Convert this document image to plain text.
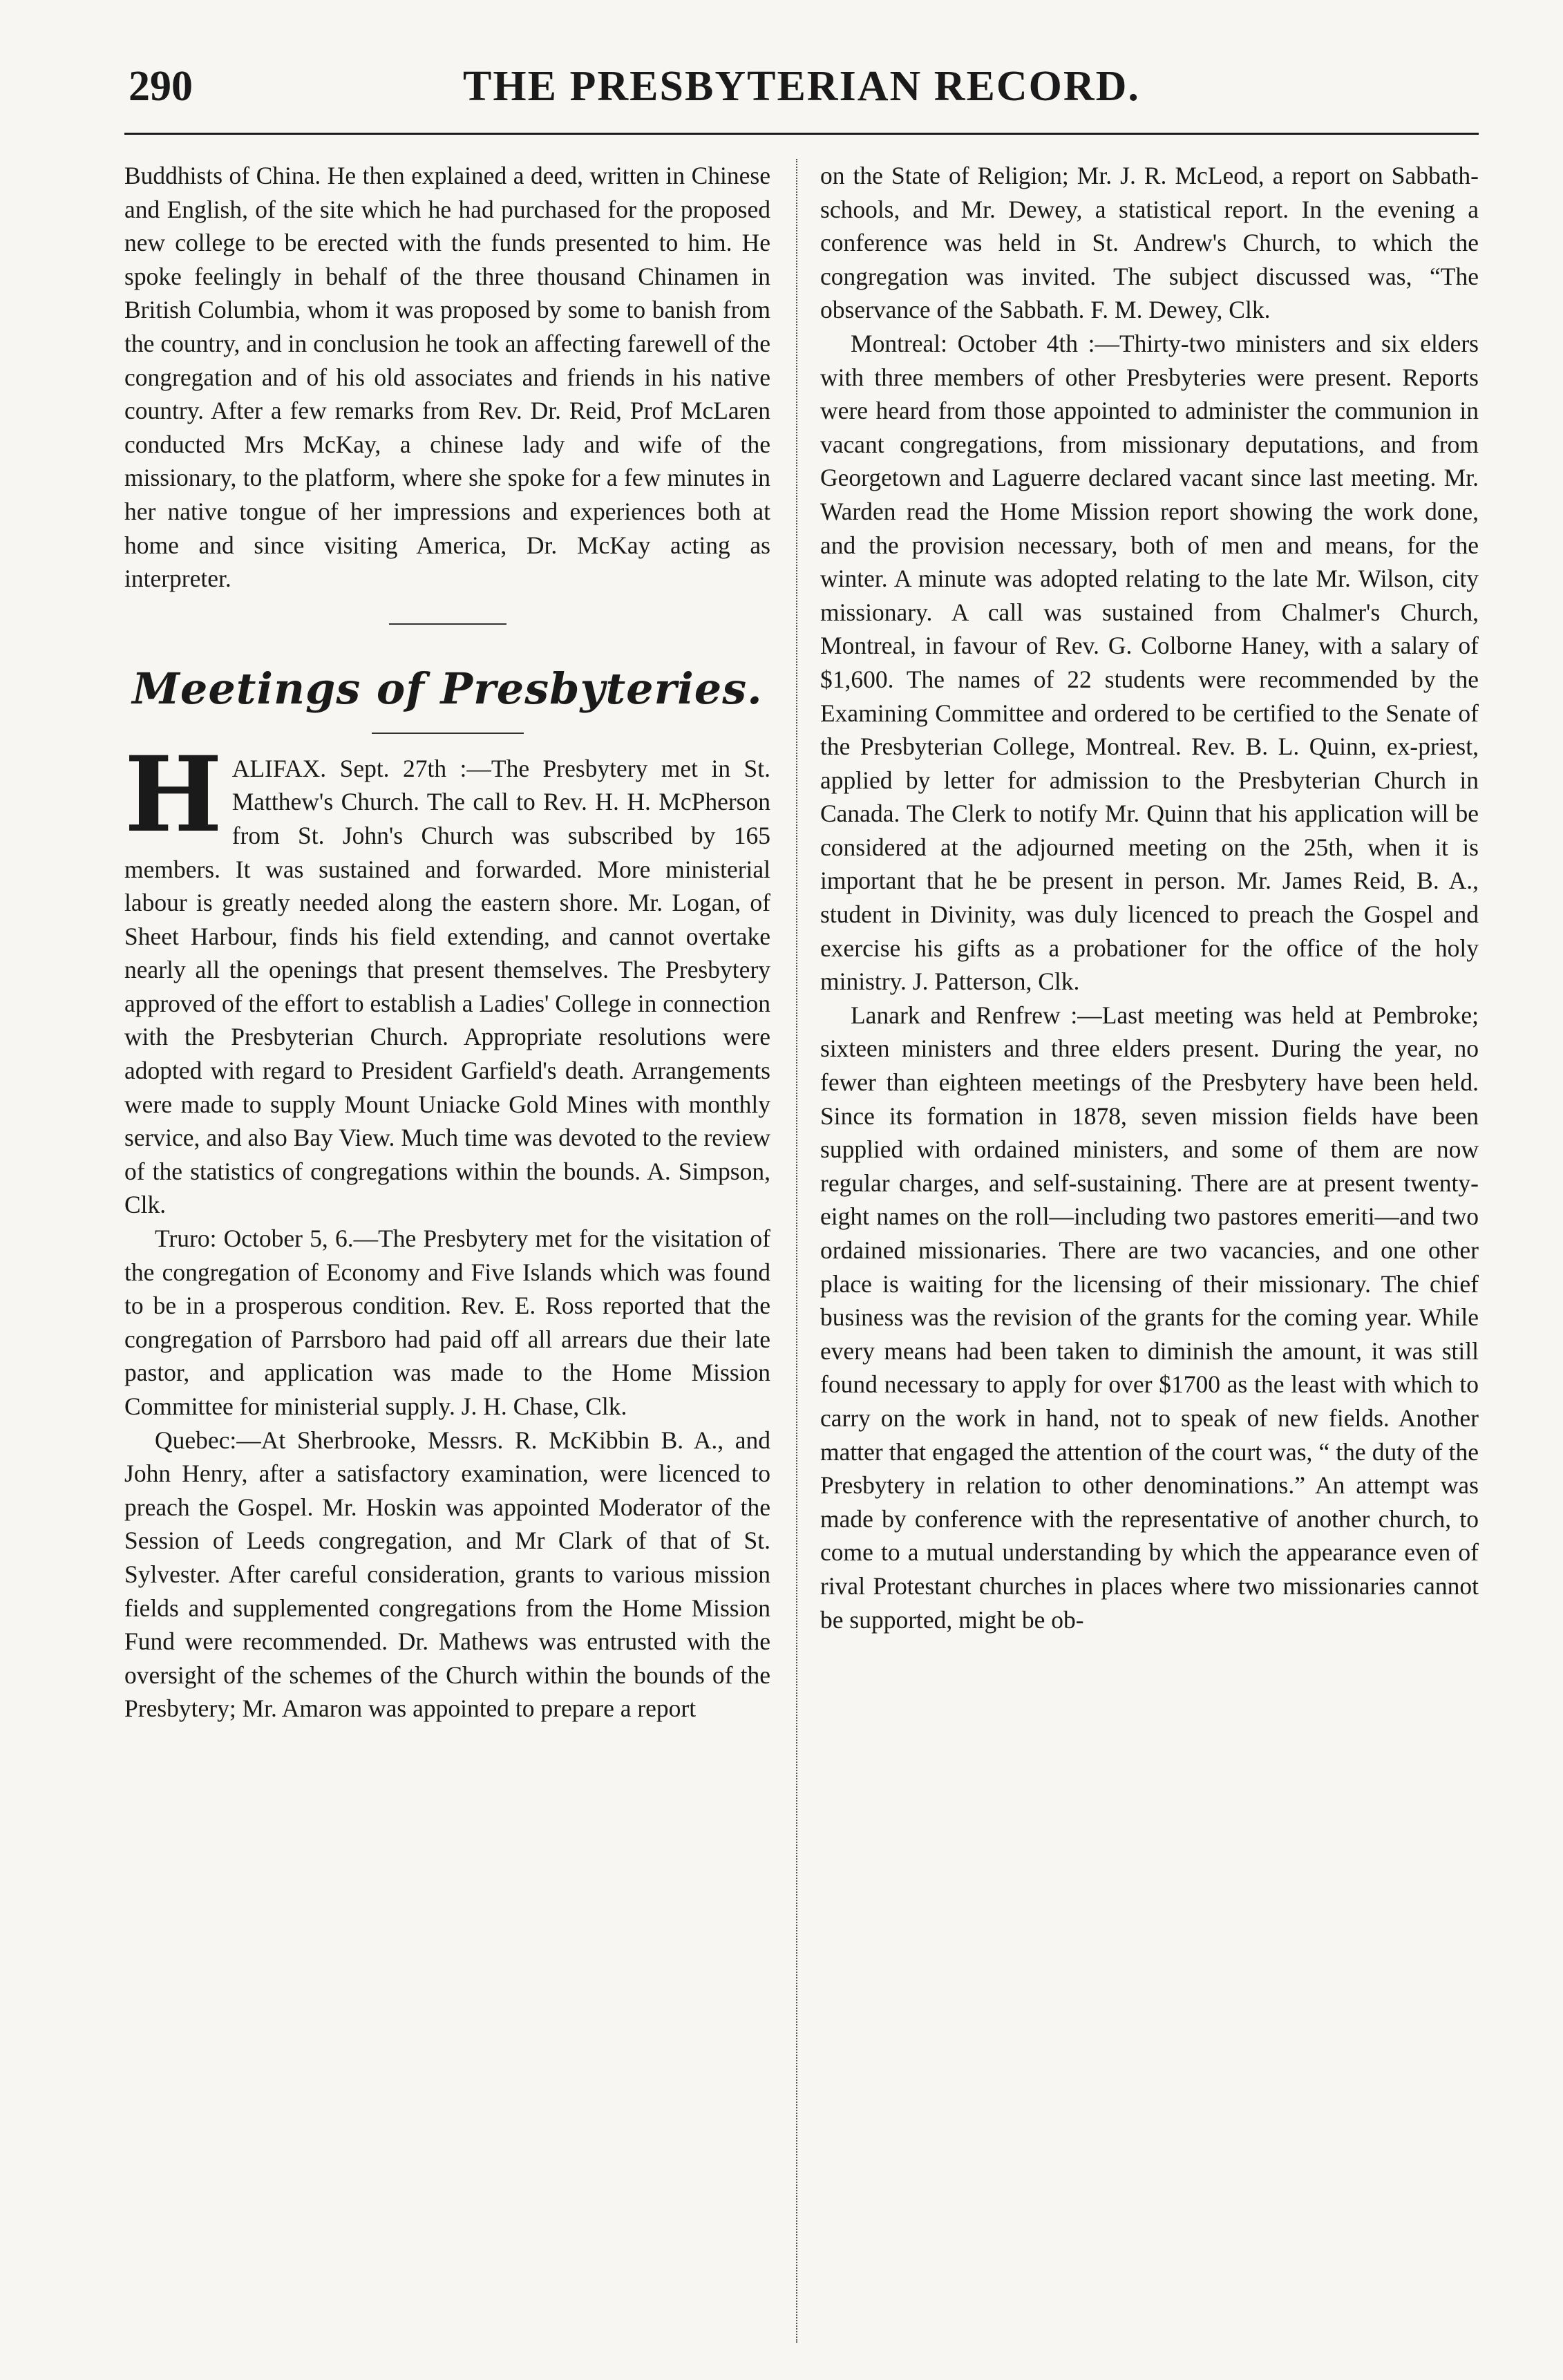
290	THE PRESBYTERIAN RECORD.

Buddhists of China. He then explained a deed, written in Chinese and English, of the site which he had purchased for the proposed new college to be erected with the funds presented to him. He spoke feelingly in behalf of the three thousand Chinamen in British Columbia, whom it was proposed by some to banish from the country, and in conclusion he took an affecting farewell of the congregation and of his old associates and friends in his native country. After a few remarks from Rev. Dr. Reid, Prof McLaren conducted Mrs McKay, a chinese lady and wife of the missionary, to the platform, where she spoke for a few minutes in her native tongue of her impressions and experiences both at home and since visiting America, Dr. McKay acting as interpreter.

Meetings of Presbyteries.

HALIFAX. Sept. 27th :—The Presbytery met in St. Matthew's Church. The call to Rev. H. H. McPherson from St. John's Church was subscribed by 165 members. It was sustained and forwarded. More ministerial labour is greatly needed along the eastern shore. Mr. Logan, of Sheet Harbour, finds his field extending, and cannot overtake nearly all the openings that present themselves. The Presbytery approved of the effort to establish a Ladies' College in connection with the Presbyterian Church. Appropriate resolutions were adopted with regard to President Garfield's death. Arrangements were made to supply Mount Uniacke Gold Mines with monthly service, and also Bay View. Much time was devoted to the review of the statistics of congregations within the bounds. A. Simpson, Clk.

Truro: October 5, 6.—The Presbytery met for the visitation of the congregation of Economy and Five Islands which was found to be in a prosperous condition. Rev. E. Ross reported that the congregation of Parrsboro had paid off all arrears due their late pastor, and application was made to the Home Mission Committee for ministerial supply. J. H. Chase, Clk.

Quebec:—At Sherbrooke, Messrs. R. McKibbin B. A., and John Henry, after a satisfactory examination, were licenced to preach the Gospel. Mr. Hoskin was appointed Moderator of the Session of Leeds congregation, and Mr Clark of that of St. Sylvester. After careful consideration, grants to various mission fields and supplemented congregations from the Home Mission Fund were recommended. Dr. Mathews was entrusted with the oversight of the schemes of the Church within the bounds of the Presbytery; Mr. Amaron was appointed to prepare a report

on the State of Religion; Mr. J. R. McLeod, a report on Sabbath-schools, and Mr. Dewey, a statistical report. In the evening a conference was held in St. Andrew's Church, to which the congregation was invited. The subject discussed was, “The observance of the Sabbath. F. M. Dewey, Clk.

Montreal: October 4th :—Thirty-two ministers and six elders with three members of other Presbyteries were present. Reports were heard from those appointed to administer the communion in vacant congregations, from missionary deputations, and from Georgetown and Laguerre declared vacant since last meeting. Mr. Warden read the Home Mission report showing the work done, and the provision necessary, both of men and means, for the winter. A minute was adopted relating to the late Mr. Wilson, city missionary. A call was sustained from Chalmer's Church, Montreal, in favour of Rev. G. Colborne Haney, with a salary of $1,600. The names of 22 students were recommended by the Examining Committee and ordered to be certified to the Senate of the Presbyterian College, Montreal. Rev. B. L. Quinn, ex-priest, applied by letter for admission to the Presbyterian Church in Canada. The Clerk to notify Mr. Quinn that his application will be considered at the adjourned meeting on the 25th, when it is important that he be present in person. Mr. James Reid, B. A., student in Divinity, was duly licenced to preach the Gospel and exercise his gifts as a probationer for the office of the holy ministry. J. Patterson, Clk.

Lanark and Renfrew :—Last meeting was held at Pembroke; sixteen ministers and three elders present. During the year, no fewer than eighteen meetings of the Presbytery have been held. Since its formation in 1878, seven mission fields have been supplied with ordained ministers, and some of them are now regular charges, and self-sustaining. There are at present twenty-eight names on the roll—including two pastores emeriti—and two ordained missionaries. There are two vacancies, and one other place is waiting for the licensing of their missionary. The chief business was the revision of the grants for the coming year. While every means had been taken to diminish the amount, it was still found necessary to apply for over $1700 as the least with which to carry on the work in hand, not to speak of new fields. Another matter that engaged the attention of the court was, “ the duty of the Presbytery in relation to other denominations.” An attempt was made by conference with the representative of another church, to come to a mutual understanding by which the appearance even of rival Protestant churches in places where two missionaries cannot be supported, might be ob-
